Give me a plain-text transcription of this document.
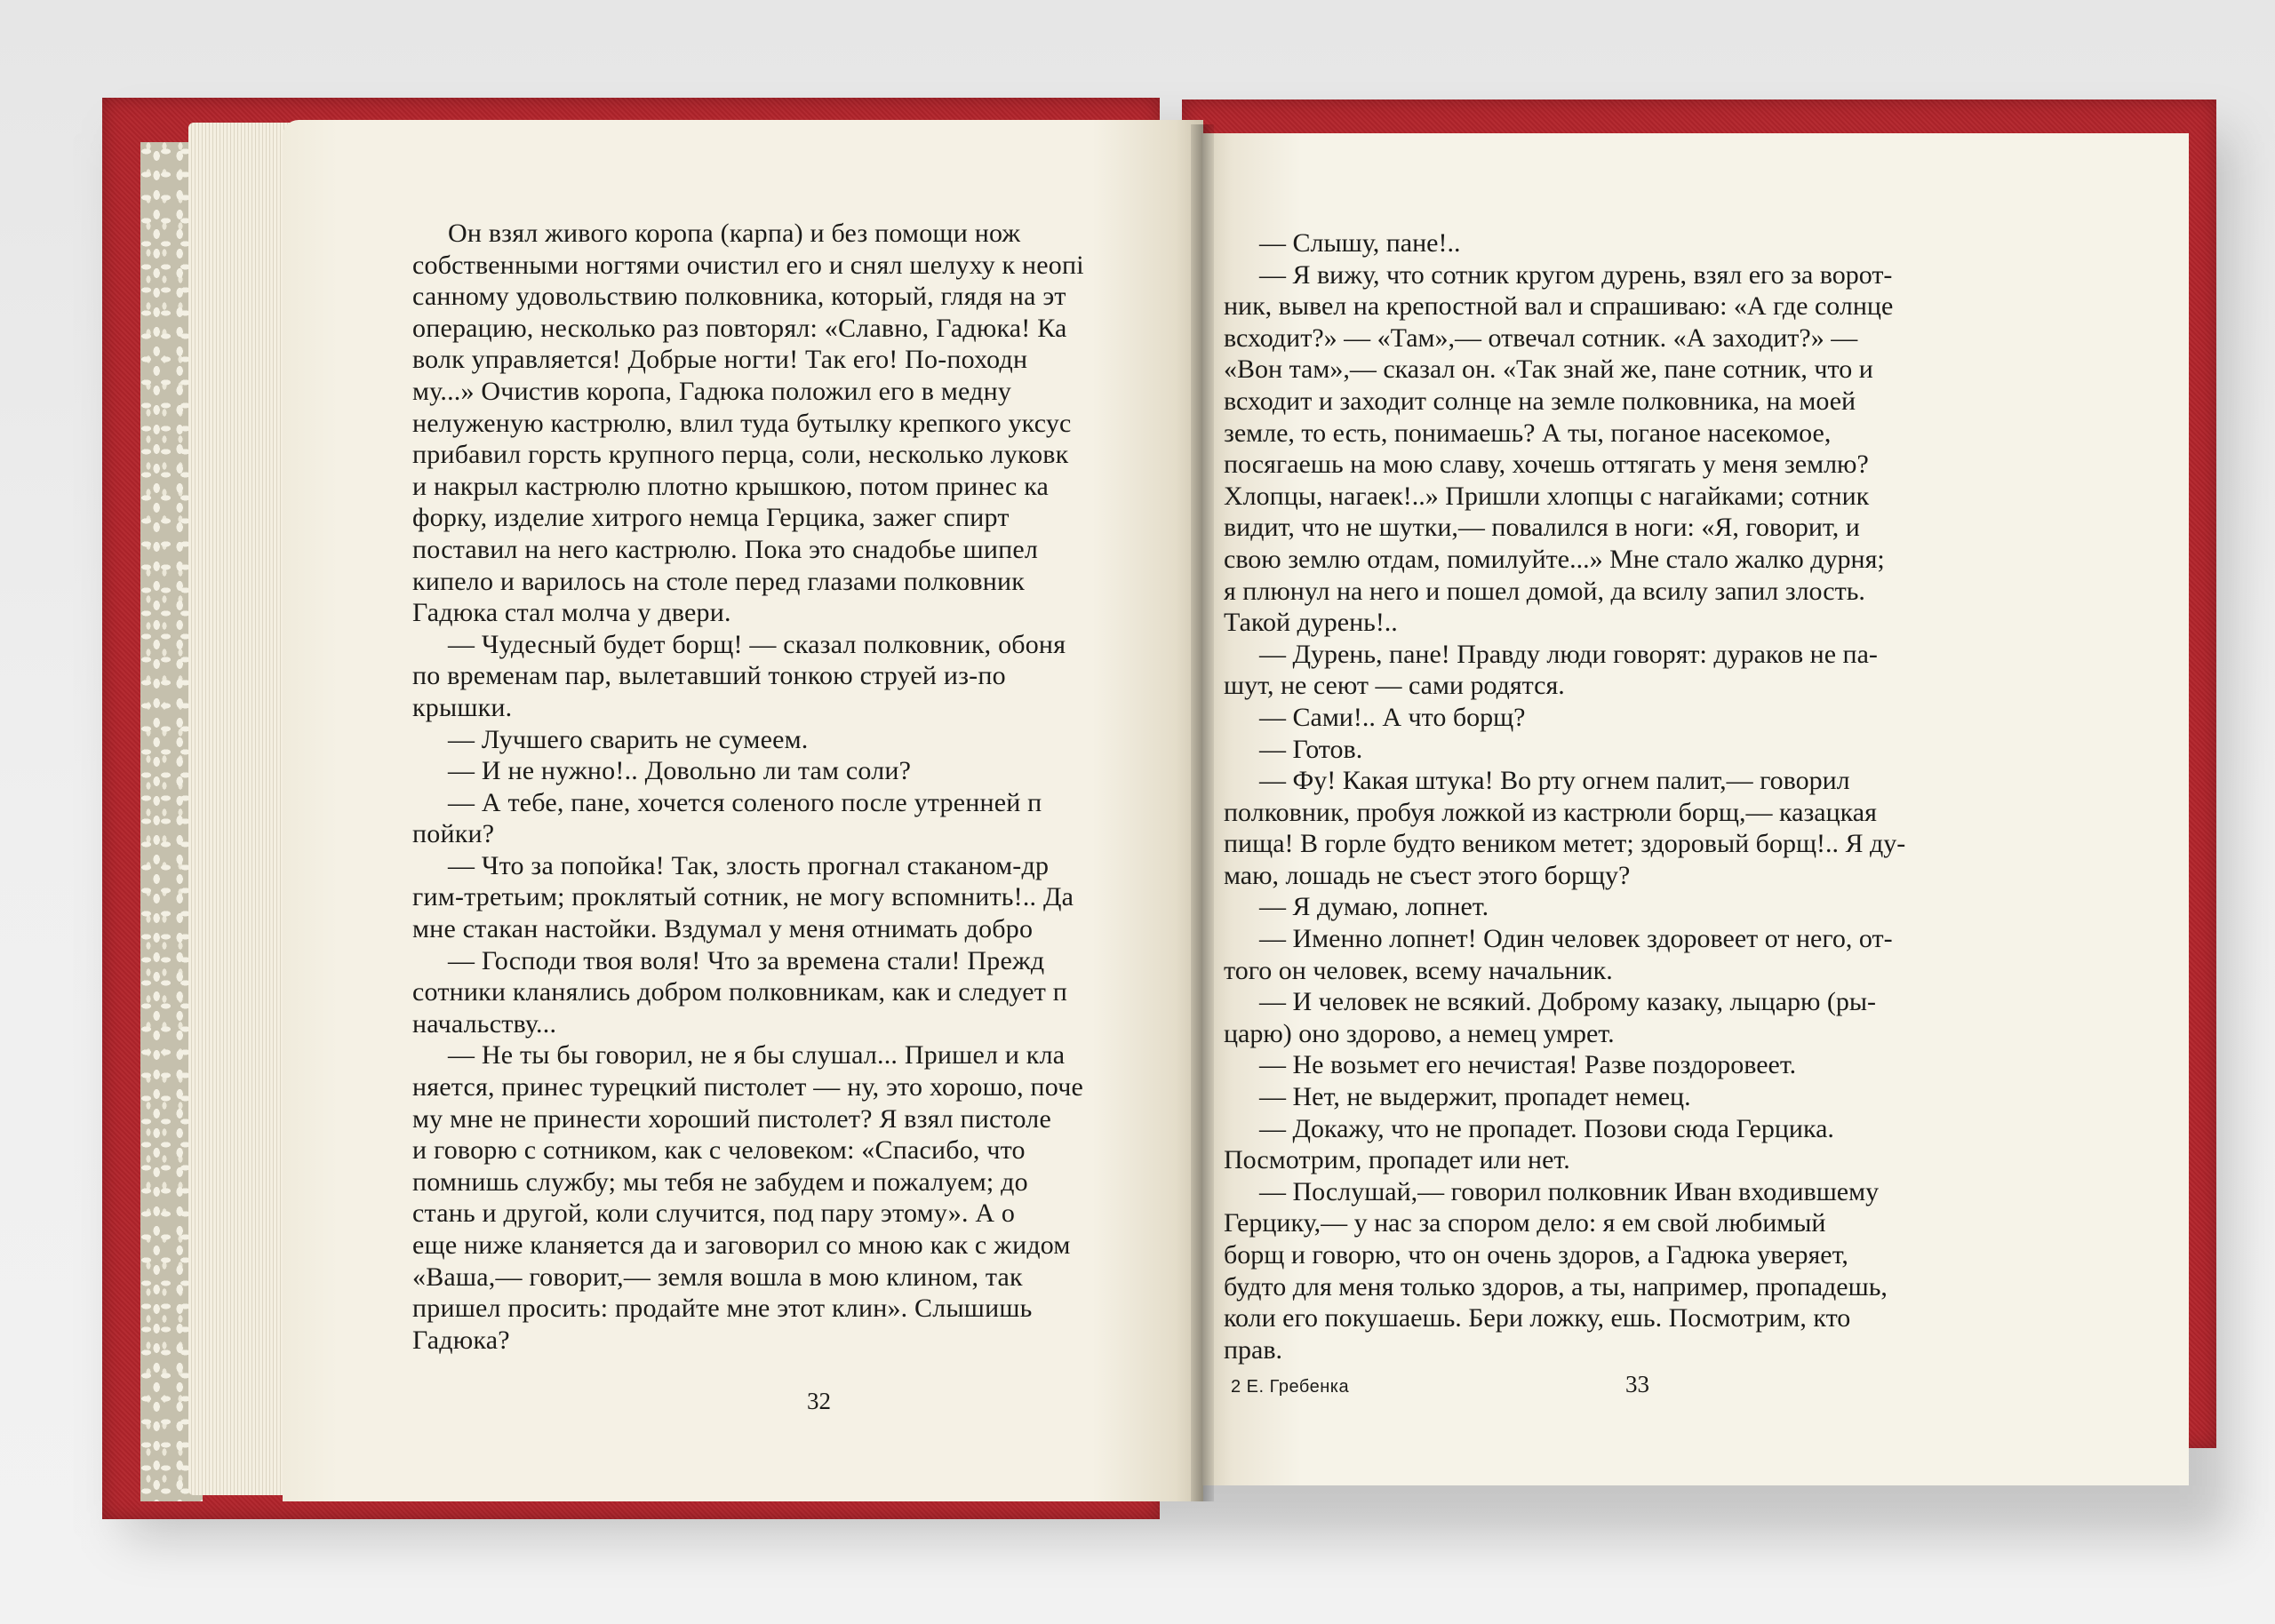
Он взял живого коропа (карпа) и без помощи нож
собственными ногтями очистил его и снял шелуху к неопі
санному удовольствию полковника, который, глядя на эт
операцию, несколько раз повторял: «Славно, Гадюка! Ка
волк управляется! Добрые ногти! Так его! По-походн
му...» Очистив коропа, Гадюка положил его в медну
нелуженую кастрюлю, влил туда бутылку крепкого уксус
прибавил горсть крупного перца, соли, несколько луковк
и накрыл кастрюлю плотно крышкою, потом принес ка
форку, изделие хитрого немца Герцика, зажег спирт
поставил на него кастрюлю. Пока это снадобье шипел
кипело и варилось на столе перед глазами полковник
Гадюка стал молча у двери.
— Чудесный будет борщ! — сказал полковник, обоня
по временам пар, вылетавший тонкою струей из-по
крышки.
— Лучшего сварить не сумеем.
— И не нужно!.. Довольно ли там соли?
— А тебе, пане, хочется соленого после утренней п
пойки?
— Что за попойка! Так, злость прогнал стаканом-др
гим-третьим; проклятый сотник, не могу вспомнить!.. Да
мне стакан настойки. Вздумал у меня отнимать добро
— Господи твоя воля! Что за времена стали! Прежд
сотники кланялись добром полковникам, как и следует п
начальству...
— Не ты бы говорил, не я бы слушал... Пришел и кла
няется, принес турецкий пистолет — ну, это хорошо, поче
му мне не принести хороший пистолет? Я взял пистоле
и говорю с сотником, как с человеком: «Спасибо, что
помнишь службу; мы тебя не забудем и пожалуем; до
стань и другой, коли случится, под пару этому». А о
еще ниже кланяется да и заговорил со мною как с жидом
«Ваша,— говорит,— земля вошла в мою клином, так
пришел просить: продайте мне этот клин». Слышишь
Гадюка?
32
— Слышу, пане!..
— Я вижу, что сотник кругом дурень, взял его за ворот-
ник, вывел на крепостной вал и спрашиваю: «А где солнце
всходит?» — «Там»,— отвечал сотник. «А заходит?» —
«Вон там»,— сказал он. «Так знай же, пане сотник, что и
всходит и заходит солнце на земле полковника, на моей
земле, то есть, понимаешь? А ты, поганое насекомое,
посягаешь на мою славу, хочешь оттягать у меня землю?
Хлопцы, нагаек!..» Пришли хлопцы с нагайками; сотник
видит, что не шутки,— повалился в ноги: «Я, говорит, и
свою землю отдам, помилуйте...» Мне стало жалко дурня;
я плюнул на него и пошел домой, да всилу запил злость.
Такой дурень!..
— Дурень, пане! Правду люди говорят: дураков не па-
шут, не сеют — сами родятся.
— Сами!.. А что борщ?
— Готов.
— Фу! Какая штука! Во рту огнем палит,— говорил
полковник, пробуя ложкой из кастрюли борщ,— казацкая
пища! В горле будто веником метет; здоровый борщ!.. Я ду-
маю, лошадь не съест этого борщу?
— Я думаю, лопнет.
— Именно лопнет! Один человек здоровеет от него, от-
того он человек, всему начальник.
— И человек не всякий. Доброму казаку, лыцарю (ры-
царю) оно здорово, а немец умрет.
— Не возьмет его нечистая! Разве поздоровеет.
— Нет, не выдержит, пропадет немец.
— Докажу, что не пропадет. Позови сюда Герцика.
Посмотрим, пропадет или нет.
— Послушай,— говорил полковник Иван входившему
Герцику,— у нас за спором дело: я ем свой любимый
борщ и говорю, что он очень здоров, а Гадюка уверяет,
будто для меня только здоров, а ты, например, пропадешь,
коли его покушаешь. Бери ложку, ешь. Посмотрим, кто
прав.
2 Е. Гребенка	33
